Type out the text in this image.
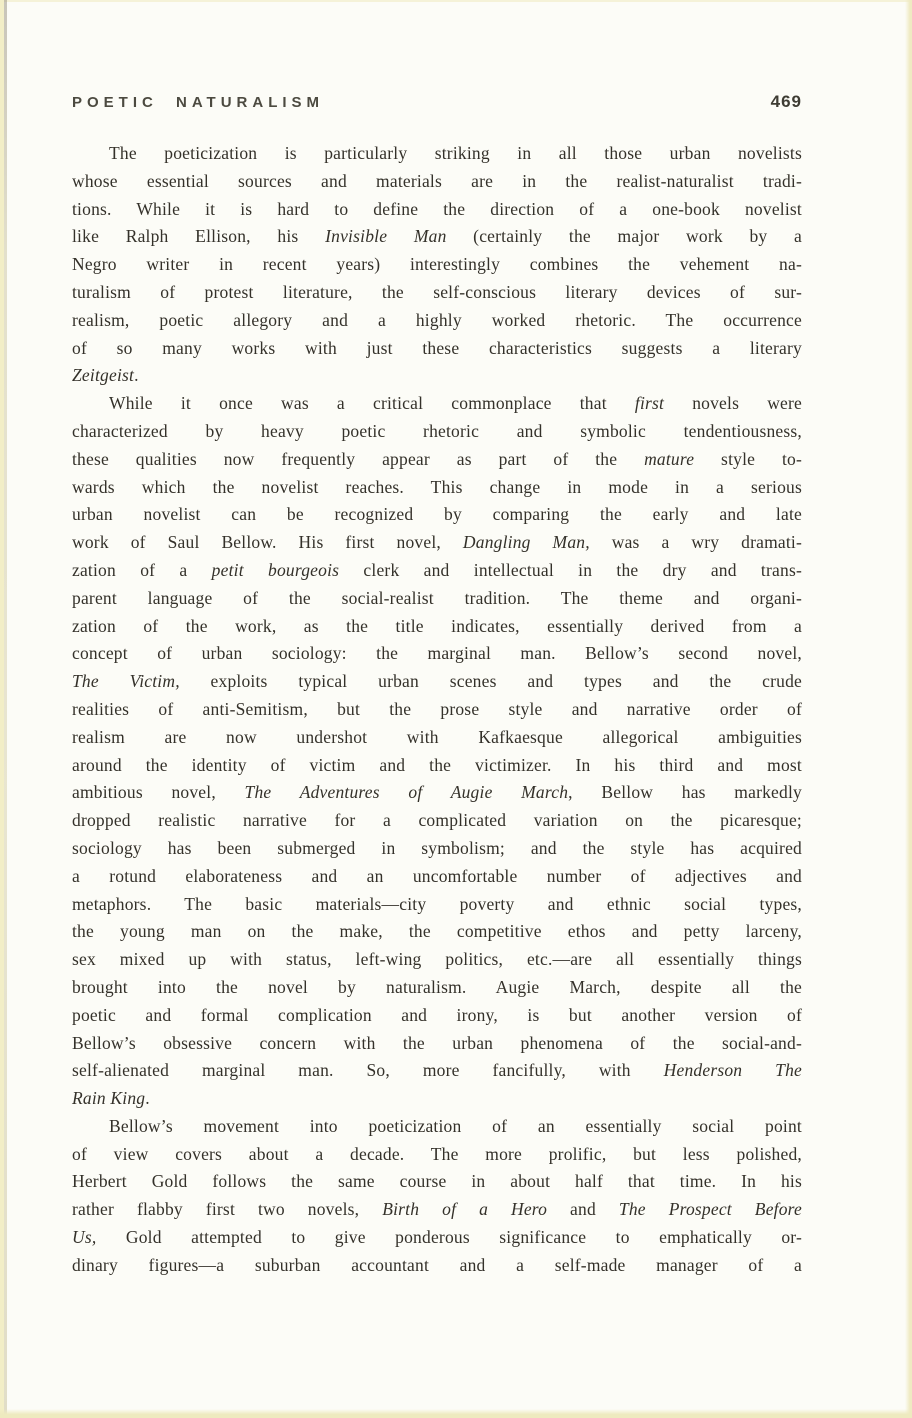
POETIC NATURALISM	469
The poeticization is particularly striking in all those urban novelists
whose essential sources and materials are in the realist-naturalist tradi-
tions. While it is hard to define the direction of a one-book novelist
like Ralph Ellison, his Invisible Man (certainly the major work by a
Negro writer in recent years) interestingly combines the vehement na-
turalism of protest literature, the self-conscious literary devices of sur-
realism, poetic allegory and a highly worked rhetoric. The occurrence
of so many works with just these characteristics suggests a literary
Zeitgeist.
While it once was a critical commonplace that first novels were
characterized by heavy poetic rhetoric and symbolic tendentiousness,
these qualities now frequently appear as part of the mature style to-
wards which the novelist reaches. This change in mode in a serious
urban novelist can be recognized by comparing the early and late
work of Saul Bellow. His first novel, Dangling Man, was a wry dramati-
zation of a petit bourgeois clerk and intellectual in the dry and trans-
parent language of the social-realist tradition. The theme and organi-
zation of the work, as the title indicates, essentially derived from a
concept of urban sociology: the marginal man. Bellow’s second novel,
The Victim, exploits typical urban scenes and types and the crude
realities of anti-Semitism, but the prose style and narrative order of
realism are now undershot with Kafkaesque allegorical ambiguities
around the identity of victim and the victimizer. In his third and most
ambitious novel, The Adventures of Augie March, Bellow has markedly
dropped realistic narrative for a complicated variation on the picaresque;
sociology has been submerged in symbolism; and the style has acquired
a rotund elaborateness and an uncomfortable number of adjectives and
metaphors. The basic materials—city poverty and ethnic social types,
the young man on the make, the competitive ethos and petty larceny,
sex mixed up with status, left-wing politics, etc.—are all essentially things
brought into the novel by naturalism. Augie March, despite all the
poetic and formal complication and irony, is but another version of
Bellow’s obsessive concern with the urban phenomena of the social-and-
self-alienated marginal man. So, more fancifully, with Henderson The
Rain King.
Bellow’s movement into poeticization of an essentially social point
of view covers about a decade. The more prolific, but less polished,
Herbert Gold follows the same course in about half that time. In his
rather flabby first two novels, Birth of a Hero and The Prospect Before
Us, Gold attempted to give ponderous significance to emphatically or-
dinary figures—a suburban accountant and a self-made manager of a
